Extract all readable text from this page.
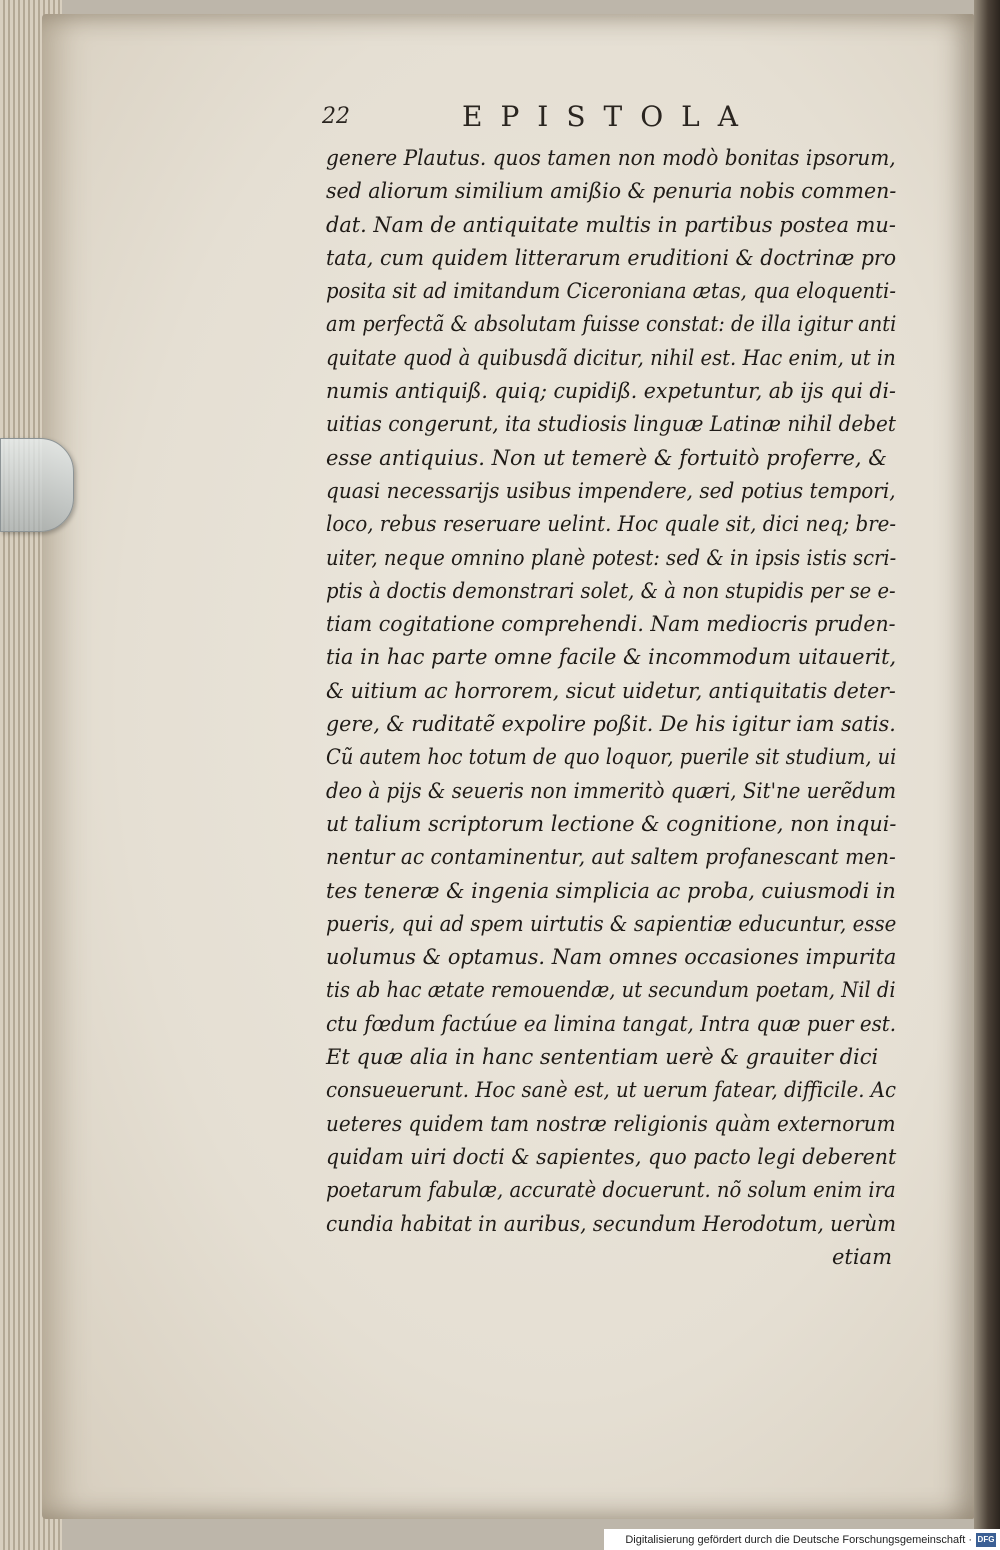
22	EPISTOLA
genere Plautus. quos tamen non modò bonitas ipsorum,
sed aliorum similium amißio & penuria nobis commen-
dat. Nam de antiquitate multis in partibus postea mu-
tata, cum quidem litterarum eruditioni & doctrinæ pro
posita sit ad imitandum Ciceroniana ætas, qua eloquenti-
am perfectã & absolutam fuisse constat: de illa igitur anti
quitate quod à quibusdã dicitur, nihil est. Hac enim, ut in
numis antiquiß. quiq; cupidiß. expetuntur, ab ijs qui di-
uitias congerunt, ita studiosis linguæ Latinæ nihil debet
esse antiquius. Non ut temerè & fortuitò proferre, &
quasi necessarijs usibus impendere, sed potius tempori,
loco, rebus reseruare uelint. Hoc quale sit, dici neq; bre-
uiter, neque omnino planè potest: sed & in ipsis istis scri-
ptis à doctis demonstrari solet, & à non stupidis per se e-
tiam cogitatione comprehendi. Nam mediocris pruden-
tia in hac parte omne facile & incommodum uitauerit,
& uitium ac horrorem, sicut uidetur, antiquitatis deter-
gere, & ruditatẽ expolire poßit. De his igitur iam satis.
Cũ autem hoc totum de quo loquor, puerile sit studium, ui
deo à pijs & seueris non immeritò quæri, Sit'ne uerẽdum
ut talium scriptorum lectione & cognitione, non inqui-
nentur ac contaminentur, aut saltem profanescant men-
tes teneræ & ingenia simplicia ac proba, cuiusmodi in
pueris, qui ad spem uirtutis & sapientiæ educuntur, esse
uolumus & optamus. Nam omnes occasiones impurita
tis ab hac ætate remouendæ, ut secundum poetam, Nil di
ctu fœdum factúue ea limina tangat, Intra quæ puer est.
Et quæ alia in hanc sententiam uerè & grauiter dici
consueuerunt. Hoc sanè est, ut uerum fatear, difficile. Ac
ueteres quidem tam nostræ religionis quàm externorum
quidam uiri docti & sapientes, quo pacto legi deberent
poetarum fabulæ, accuratè docuerunt. nõ solum enim ira
cundia habitat in auribus, secundum Herodotum, uerùm
etiam
Digitalisierung gefördert durch die Deutsche Forschungsgemeinschaft · DFG
